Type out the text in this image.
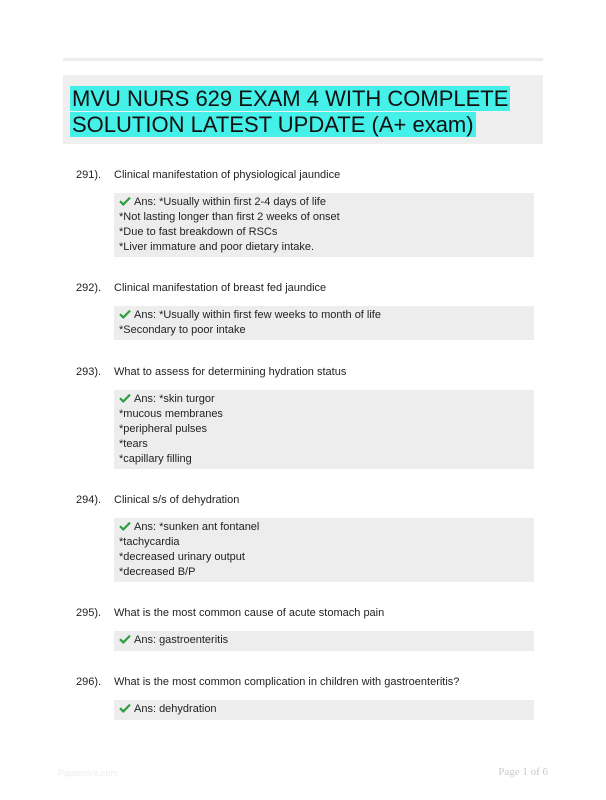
MVU NURS 629 EXAM 4 WITH COMPLETE
SOLUTION LATEST UPDATE (A+ exam)
291). Clinical manifestation of physiological jaundice
Ans: *Usually within first 2-4 days of life
*Not lasting longer than first 2 weeks of onset
*Due to fast breakdown of RSCs
*Liver immature and poor dietary intake.
292). Clinical manifestation of breast fed jaundice
Ans: *Usually within first few weeks to month of life
*Secondary to poor intake
293). What to assess for determining hydration status
Ans: *skin turgor
*mucous membranes
*peripheral pulses
*tears
*capillary filling
294). Clinical s/s of dehydration
Ans: *sunken ant fontanel
*tachycardia
*decreased urinary output
*decreased B/P
295). What is the most common cause of acute stomach pain
Ans: gastroenteritis
296). What is the most common complication in children with gastroenteritis?
Ans: dehydration
Paperhive.com	Page 1 of 6
